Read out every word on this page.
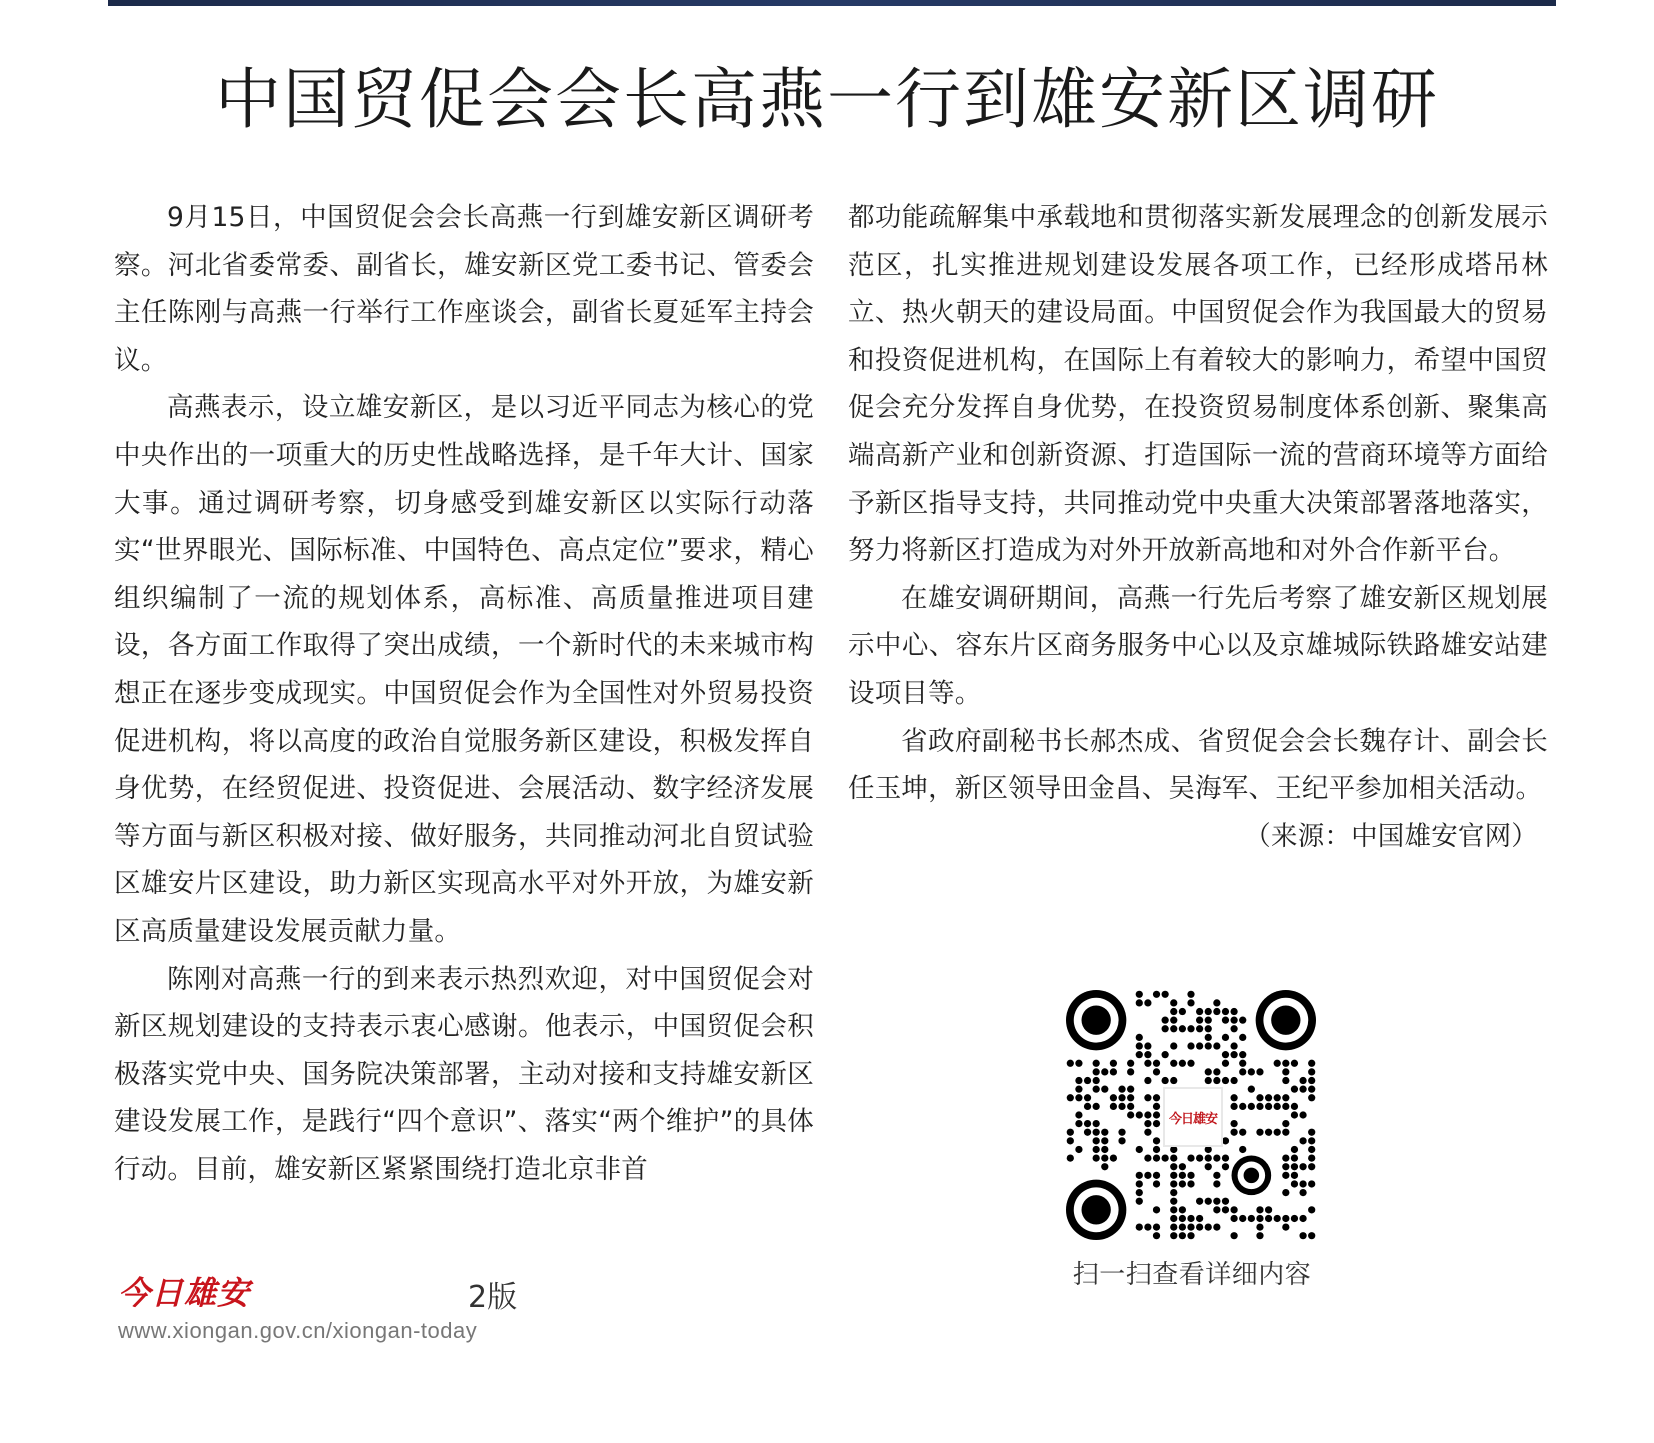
中国贸促会会长高燕一行到雄安新区调研

9月15日，中国贸促会会长高燕一行到雄安新区调研考察。河北省委常委、副省长，雄安新区党工委书记、管委会主任陈刚与高燕一行举行工作座谈会，副省长夏延军主持会议。

高燕表示，设立雄安新区，是以习近平同志为核心的党中央作出的一项重大的历史性战略选择，是千年大计、国家大事。通过调研考察，切身感受到雄安新区以实际行动落实“世界眼光、国际标准、中国特色、高点定位”要求，精心组织编制了一流的规划体系，高标准、高质量推进项目建设，各方面工作取得了突出成绩，一个新时代的未来城市构想正在逐步变成现实。中国贸促会作为全国性对外贸易投资促进机构，将以高度的政治自觉服务新区建设，积极发挥自身优势，在经贸促进、投资促进、会展活动、数字经济发展等方面与新区积极对接、做好服务，共同推动河北自贸试验区雄安片区建设，助力新区实现高水平对外开放，为雄安新区高质量建设发展贡献力量。

陈刚对高燕一行的到来表示热烈欢迎，对中国贸促会对新区规划建设的支持表示衷心感谢。他表示，中国贸促会积极落实党中央、国务院决策部署，主动对接和支持雄安新区建设发展工作，是践行“四个意识”、落实“两个维护”的具体行动。目前，雄安新区紧紧围绕打造北京非首

都功能疏解集中承载地和贯彻落实新发展理念的创新发展示范区，扎实推进规划建设发展各项工作，已经形成塔吊林立、热火朝天的建设局面。中国贸促会作为我国最大的贸易和投资促进机构，在国际上有着较大的影响力，希望中国贸促会充分发挥自身优势，在投资贸易制度体系创新、聚集高端高新产业和创新资源、打造国际一流的营商环境等方面给予新区指导支持，共同推动党中央重大决策部署落地落实，努力将新区打造成为对外开放新高地和对外合作新平台。

在雄安调研期间，高燕一行先后考察了雄安新区规划展示中心、容东片区商务服务中心以及京雄城际铁路雄安站建设项目等。

省政府副秘书长郝杰成、省贸促会会长魏存计、副会长任玉坤，新区领导田金昌、吴海军、王纪平参加相关活动。

（来源：中国雄安官网）

今日雄安
扫一扫查看详细内容
今日雄安	2版
www.xiongan.gov.cn/xiongan-today
